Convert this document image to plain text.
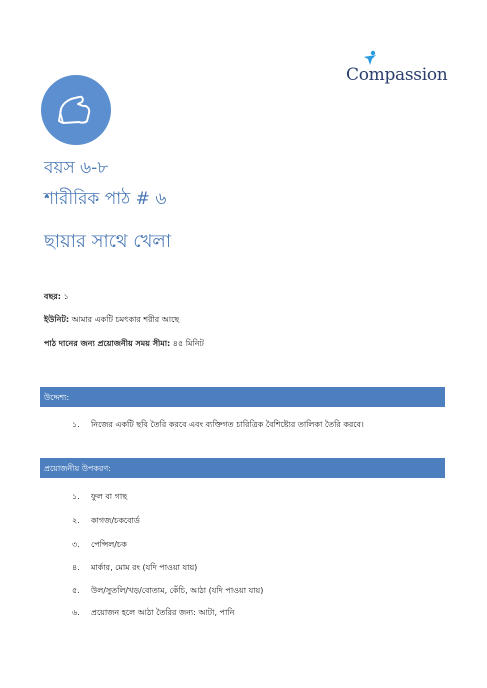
Compassion
বয়স ৬-৮
শারীরিক পাঠ # ৬
ছায়ার সাথে খেলা
বছর: ১
ইউনিট: আমার একটি চমৎকার শরীর আছে
পাঠ দানের জন্য প্রয়োজনীয় সময় সীমা: ৪৫ মিনিট
উদ্দেশ্য:
১. নিজের একটি ছবি তৈরি করবে এবং ব্যক্তিগত চারিত্রিক বৈশিষ্ট্যের তালিকা তৈরি করবে।
প্রয়োজনীয় উপকরণ:
১. ফুল বা গাছ
২. কাগজ/চকবোর্ড
৩. পেন্সিল/চক
৪. মার্কার, মোম রং (যদি পাওয়া যায়)
৫. উল/সুতলি/খড়/বোতাম, কেঁচি, আঠা (যদি পাওয়া যায়)
৬. প্রয়োজন হলে আঠা তৈরির জন্য: আটা, পানি
